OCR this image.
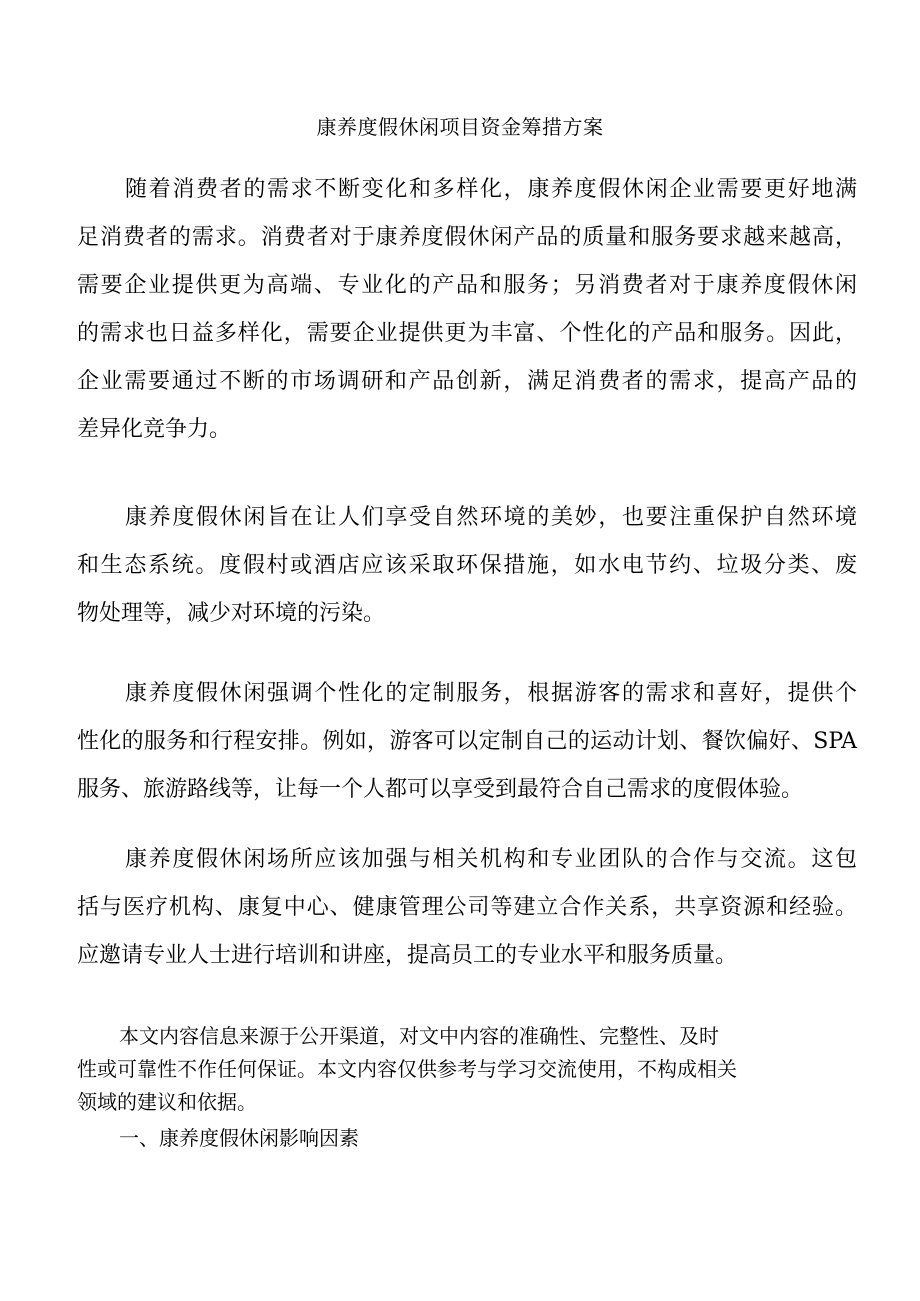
康养度假休闲项目资金筹措方案
随着消费者的需求不断变化和多样化，康养度假休闲企业需要更好地满
足消费者的需求。消费者对于康养度假休闲产品的质量和服务要求越来越高，
需要企业提供更为高端、专业化的产品和服务；另消费者对于康养度假休闲
的需求也日益多样化，需要企业提供更为丰富、个性化的产品和服务。因此，
企业需要通过不断的市场调研和产品创新，满足消费者的需求，提高产品的
差异化竞争力。
康养度假休闲旨在让人们享受自然环境的美妙，也要注重保护自然环境
和生态系统。度假村或酒店应该采取环保措施，如水电节约、垃圾分类、废
物处理等，减少对环境的污染。
康养度假休闲强调个性化的定制服务，根据游客的需求和喜好，提供个
性化的服务和行程安排。例如，游客可以定制自己的运动计划、餐饮偏好、SPA
服务、旅游路线等，让每一个人都可以享受到最符合自己需求的度假体验。
康养度假休闲场所应该加强与相关机构和专业团队的合作与交流。这包
括与医疗机构、康复中心、健康管理公司等建立合作关系，共享资源和经验。
应邀请专业人士进行培训和讲座，提高员工的专业水平和服务质量。
本文内容信息来源于公开渠道，对文中内容的准确性、完整性、及时
性或可靠性不作任何保证。本文内容仅供参考与学习交流使用，不构成相关
领域的建议和依据。
一、康养度假休闲影响因素
